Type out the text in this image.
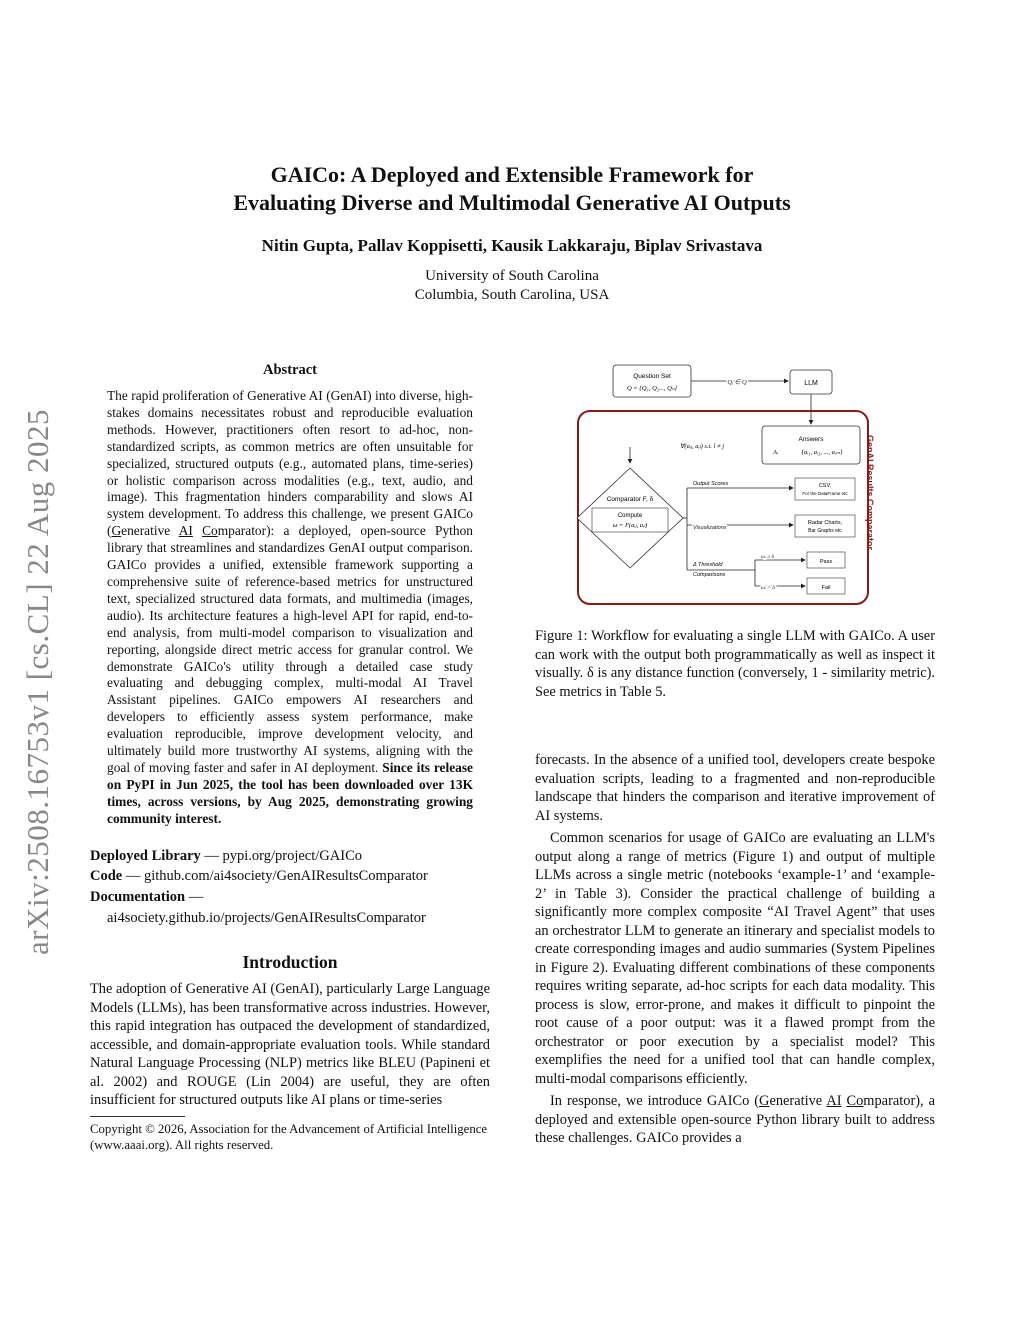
arXiv:2508.16753v1 [cs.CL] 22 Aug 2025
GAICo: A Deployed and Extensible Framework for
Evaluating Diverse and Multimodal Generative AI Outputs
Nitin Gupta, Pallav Koppisetti, Kausik Lakkaraju, Biplav Srivastava
University of South Carolina
Columbia, South Carolina, USA
Abstract

The rapid proliferation of Generative AI (GenAI) into diverse, high-stakes domains necessitates robust and reproducible evaluation methods. However, practitioners often resort to ad-hoc, non-standardized scripts, as common metrics are often unsuitable for specialized, structured outputs (e.g., automated plans, time-series) or holistic comparison across modalities (e.g., text, audio, and image). This fragmentation hinders comparability and slows AI system development. To address this challenge, we present GAICo (Generative AI Comparator): a deployed, open-source Python library that streamlines and standardizes GenAI output comparison. GAICo provides a unified, extensible framework supporting a comprehensive suite of reference-based metrics for unstructured text, specialized structured data formats, and multimedia (images, audio). Its architecture features a high-level API for rapid, end-to-end analysis, from multi-model comparison to visualization and reporting, alongside direct metric access for granular control. We demonstrate GAICo's utility through a detailed case study evaluating and debugging complex, multi-modal AI Travel Assistant pipelines. GAICo empowers AI researchers and developers to efficiently assess system performance, make evaluation reproducible, improve development velocity, and ultimately build more trustworthy AI systems, aligning with the goal of moving faster and safer in AI deployment. Since its release on PyPI in Jun 2025, the tool has been downloaded over 13K times, across versions, by Aug 2025, demonstrating growing community interest.

Deployed Library — pypi.org/project/GAICo
Code — github.com/ai4society/GenAIResultsComparator
Documentation —
ai4society.github.io/projects/GenAIResultsComparator
Introduction

The adoption of Generative AI (GenAI), particularly Large Language Models (LLMs), has been transformative across industries. However, this rapid integration has outpaced the development of standardized, accessible, and domain-appropriate evaluation tools. While standard Natural Language Processing (NLP) metrics like BLEU (Papineni et al. 2002) and ROUGE (Lin 2004) are useful, they are often insufficient for structured outputs like AI plans or time-series

Copyright © 2026, Association for the Advancement of Artificial Intelligence (www.aaai.org). All rights reserved.
Question Set
Q = {Q₁, Q₂..., Qₙ}
Qᵢ ∈ Q	LLM
GenAI Results Comparator
Answers
Aᵢ	{aᵢ₁, aᵢ₂, ..., aᵢₘ}
∀(aᵢⱼ, aᵢₗ) s.t. l ≠ j
Comparator F, δ
Compute
ω = F(aᵢⱼ, aᵢₗ)
Output Scores
Visualizations
Δ Threshold
Comparisons
CSV,
For the DataFrame etc
Radar Charts,
Bar Graphs etc
ωᵢ ≤ δ
ωᵢ > δ
Pass
Fail

Figure 1: Workflow for evaluating a single LLM with GAICo. A user can work with the output both programmatically as well as inspect it visually. δ is any distance function (conversely, 1 - similarity metric). See metrics in Table 5.

forecasts. In the absence of a unified tool, developers create bespoke evaluation scripts, leading to a fragmented and non-reproducible landscape that hinders the comparison and iterative improvement of AI systems.

Common scenarios for usage of GAICo are evaluating an LLM's output along a range of metrics (Figure 1) and output of multiple LLMs across a single metric (notebooks ‘example-1’ and ‘example-2’ in Table 3). Consider the practical challenge of building a significantly more complex composite “AI Travel Agent” that uses an orchestrator LLM to generate an itinerary and specialist models to create corresponding images and audio summaries (System Pipelines in Figure 2). Evaluating different combinations of these components requires writing separate, ad-hoc scripts for each data modality. This process is slow, error-prone, and makes it difficult to pinpoint the root cause of a poor output: was it a flawed prompt from the orchestrator or poor execution by a specialist model? This exemplifies the need for a unified tool that can handle complex, multi-modal comparisons efficiently.

In response, we introduce GAICo (Generative AI Comparator), a deployed and extensible open-source Python library built to address these challenges. GAICo provides a
